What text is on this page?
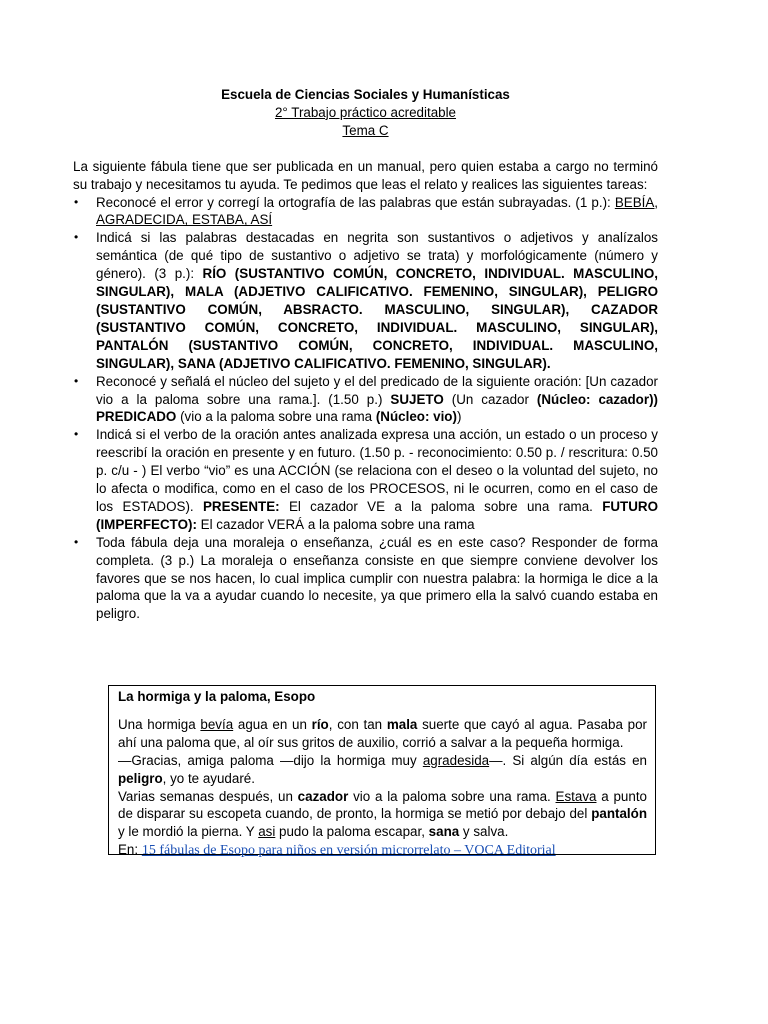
Escuela de Ciencias Sociales y Humanísticas
2° Trabajo práctico acreditable
Tema C
La siguiente fábula tiene que ser publicada en un manual, pero quien estaba a cargo no terminó su trabajo y necesitamos tu ayuda. Te pedimos que leas el relato y realices las siguientes tareas:
• Reconocé el error y corregí la ortografía de las palabras que están subrayadas. (1 p.): BEBÍA, AGRADECIDA, ESTABA, ASÍ
• Indicá si las palabras destacadas en negrita son sustantivos o adjetivos y analízalos semántica (de qué tipo de sustantivo o adjetivo se trata) y morfológicamente (número y género). (3 p.): RÍO (SUSTANTIVO COMÚN, CONCRETO, INDIVIDUAL. MASCULINO, SINGULAR), MALA (ADJETIVO CALIFICATIVO. FEMENINO, SINGULAR), PELIGRO (SUSTANTIVO COMÚN, ABSRACTO. MASCULINO, SINGULAR), CAZADOR (SUSTANTIVO COMÚN, CONCRETO, INDIVIDUAL. MASCULINO, SINGULAR), PANTALÓN (SUSTANTIVO COMÚN, CONCRETO, INDIVIDUAL. MASCULINO, SINGULAR), SANA (ADJETIVO CALIFICATIVO. FEMENINO, SINGULAR).
• Reconocé y señalá el núcleo del sujeto y el del predicado de la siguiente oración: [Un cazador vio a la paloma sobre una rama.]. (1.50 p.) SUJETO (Un cazador (Núcleo: cazador)) PREDICADO (vio a la paloma sobre una rama (Núcleo: vio))
• Indicá si el verbo de la oración antes analizada expresa una acción, un estado o un proceso y reescribí la oración en presente y en futuro. (1.50 p. - reconocimiento: 0.50 p. / rescritura: 0.50 p. c/u - ) El verbo “vio” es una ACCIÓN (se relaciona con el deseo o la voluntad del sujeto, no lo afecta o modifica, como en el caso de los PROCESOS, ni le ocurren, como en el caso de los ESTADOS). PRESENTE: El cazador VE a la paloma sobre una rama. FUTURO (IMPERFECTO): El cazador VERÁ a la paloma sobre una rama
• Toda fábula deja una moraleja o enseñanza, ¿cuál es en este caso? Responder de forma completa. (3 p.) La moraleja o enseñanza consiste en que siempre conviene devolver los favores que se nos hacen, lo cual implica cumplir con nuestra palabra: la hormiga le dice a la paloma que la va a ayudar cuando lo necesite, ya que primero ella la salvó cuando estaba en peligro.
La hormiga y la paloma, Esopo
Una hormiga bevía agua en un río, con tan mala suerte que cayó al agua. Pasaba por ahí una paloma que, al oír sus gritos de auxilio, corrió a salvar a la pequeña hormiga.
—Gracias, amiga paloma —dijo la hormiga muy agradesida—. Si algún día estás en peligro, yo te ayudaré.
Varias semanas después, un cazador vio a la paloma sobre una rama. Estava a punto de disparar su escopeta cuando, de pronto, la hormiga se metió por debajo del pantalón y le mordió la pierna. Y asi pudo la paloma escapar, sana y salva.
En: 15 fábulas de Esopo para niños en versión microrrelato – VOCA Editorial
